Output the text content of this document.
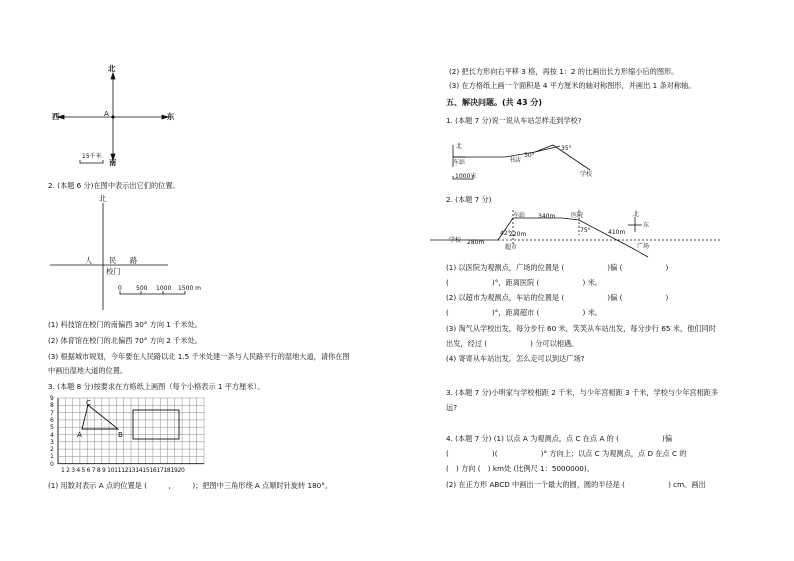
北
南
西	东
A
15千米
2. (本题 6 分)在图中表示出它们的位置。
北
人 民 路
校门
0 500 1000 1500 m
(1) 科技馆在校门的南偏西 30° 方向 1 千米处。
(2) 体育馆在校门的北偏西 70° 方向 2 千米处。
(3) 根据城市规划，今年要在人民路以北 1.5 千米处建一条与人民路平行的湿地大道，请你在图
中画出湿地大道的位置。
3. (本题 8 分)按要求在方格纸上画图（每个小格表示 1 平方厘米）。
9
8
7
6
5
4
3
2
1
0
1 2 3 4 5 6 7 8 9 1011121314151617181920
C
A	B
(1) 用数对表示 A 点的位置是 (　　　,　　　)；把图中三角形绕 A 点顺时针旋转 180°。
(2) 把长方形向右平移 3 格，再按 1：2 的比画出长方形缩小后的图形。
(3) 在方格纸上画一个面积是 4 平方厘米的轴对称图形，并画出 1 条对称轴。
五、解决问题。(共 43 分)
1. (本题 7 分)说一说从车站怎样走到学校?
北
车站	书店
30°
35°
学校
1000米
2. (本题 7 分)
学校 280m
42°
220m
超市
车站 340m	医院
75°	410m
广场
北
东
(1) 以医院为观测点，广场的位置是 (　　　　　　)偏 (　　　　　　)
(　　　　　　)°，距离医院 (　　　　　　) 米。
(2) 以超市为观测点，车站的位置是 (　　　　　　)偏 (　　　　　　)
(　　　　　　)°，距离超市 (　　　　　　) 米。
(3) 淘气从学校出发，每分步行 60 米，笑笑从车站出发，每分步行 65 米，他们同时
出发，经过 (　　　　　　) 分可以相遇。
(4) 寄寄从车站出发，怎么走可以到达广场?
3. (本题 7 分)小明家与学校相距 2 千米，与少年宫相距 3 千米，学校与少年宫相距多
远?
4. (本题 7 分) (1) 以点 A 为观测点，点 C 在点 A 的 (　　　　　　)偏
(　　　　　　)(　　　　　　)° 方向上；以点 C 为观测点，点 D 在点 C 的
(　) 方向 (　) km处 (比例尺 1：5000000)。
(2) 在正方形 ABCD 中画出一个最大的圆，圆的半径是 (　　　　　　) cm。画出
